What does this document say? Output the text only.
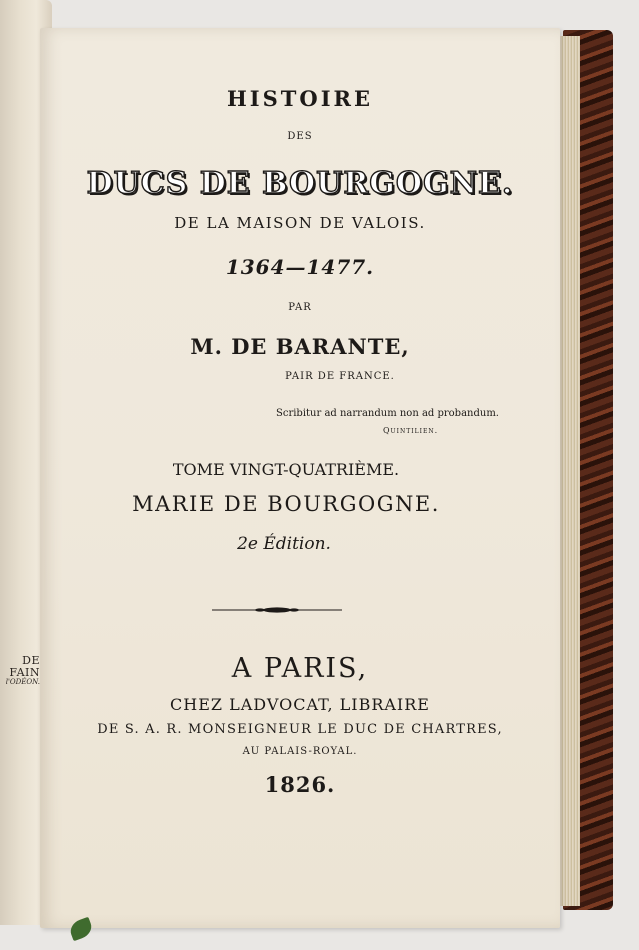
DE FAIN
l'ODÉON.
HISTOIRE
DES
DUCS DE BOURGOGNE.
DE LA MAISON DE VALOIS.
1364—1477.
PAR
M. DE BARANTE,
PAIR DE FRANCE.
Scribitur ad narrandum non ad probandum.
Quintilien.
TOME VINGT-QUATRIÈME.
MARIE DE BOURGOGNE.
2e Édition.
A PARIS,
CHEZ LADVOCAT, LIBRAIRE
DE S. A. R. MONSEIGNEUR LE DUC DE CHARTRES,
AU PALAIS-ROYAL.
1826.
